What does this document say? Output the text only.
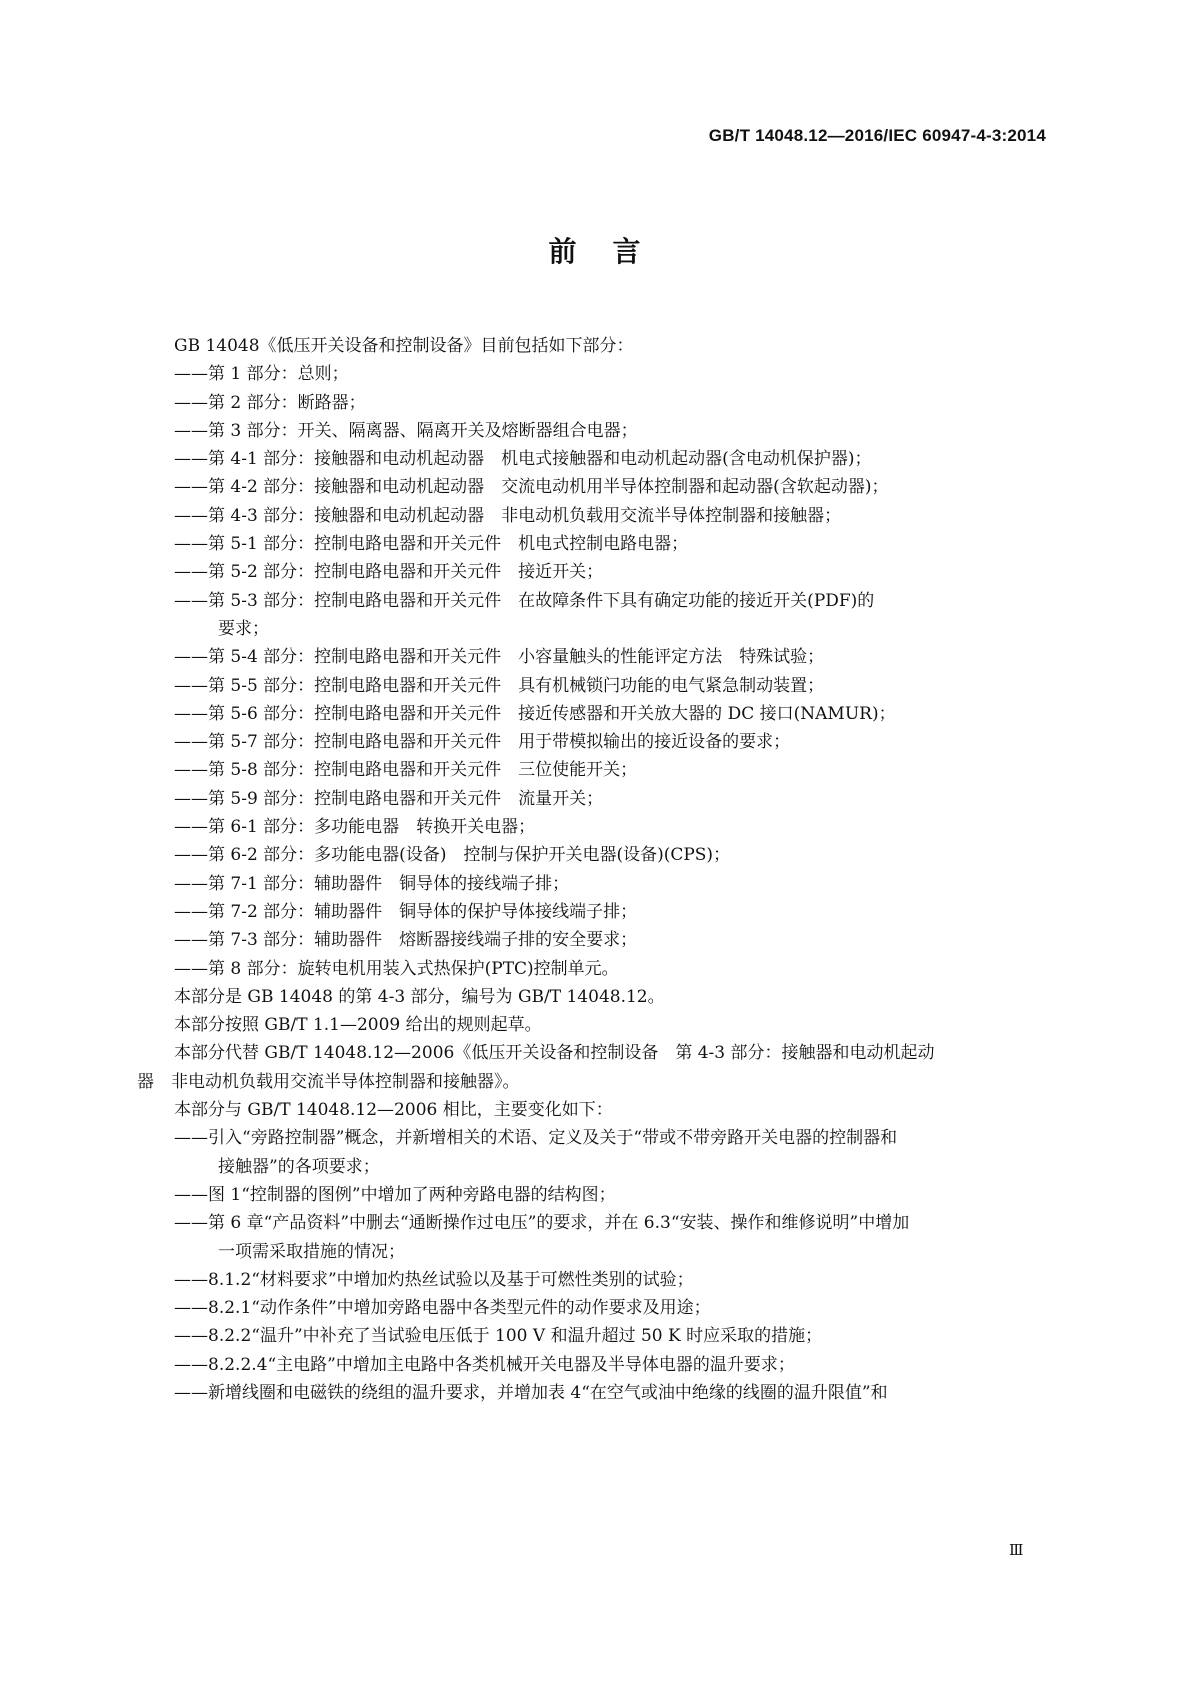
GB/T 14048.12—2016/IEC 60947-4-3:2014
前 言
GB 14048《低压开关设备和控制设备》目前包括如下部分：
——第 1 部分：总则；
——第 2 部分：断路器；
——第 3 部分：开关、隔离器、隔离开关及熔断器组合电器；
——第 4-1 部分：接触器和电动机起动器　机电式接触器和电动机起动器(含电动机保护器)；
——第 4-2 部分：接触器和电动机起动器　交流电动机用半导体控制器和起动器(含软起动器)；
——第 4-3 部分：接触器和电动机起动器　非电动机负载用交流半导体控制器和接触器；
——第 5-1 部分：控制电路电器和开关元件　机电式控制电路电器；
——第 5-2 部分：控制电路电器和开关元件　接近开关；
——第 5-3 部分：控制电路电器和开关元件　在故障条件下具有确定功能的接近开关(PDF)的
要求；
——第 5-4 部分：控制电路电器和开关元件　小容量触头的性能评定方法　特殊试验；
——第 5-5 部分：控制电路电器和开关元件　具有机械锁闩功能的电气紧急制动装置；
——第 5-6 部分：控制电路电器和开关元件　接近传感器和开关放大器的 DC 接口(NAMUR)；
——第 5-7 部分：控制电路电器和开关元件　用于带模拟输出的接近设备的要求；
——第 5-8 部分：控制电路电器和开关元件　三位使能开关；
——第 5-9 部分：控制电路电器和开关元件　流量开关；
——第 6-1 部分：多功能电器　转换开关电器；
——第 6-2 部分：多功能电器(设备)　控制与保护开关电器(设备)(CPS)；
——第 7-1 部分：辅助器件　铜导体的接线端子排；
——第 7-2 部分：辅助器件　铜导体的保护导体接线端子排；
——第 7-3 部分：辅助器件　熔断器接线端子排的安全要求；
——第 8 部分：旋转电机用装入式热保护(PTC)控制单元。
本部分是 GB 14048 的第 4-3 部分，编号为 GB/T 14048.12。
本部分按照 GB/T 1.1—2009 给出的规则起草。
本部分代替 GB/T 14048.12—2006《低压开关设备和控制设备　第 4-3 部分：接触器和电动机起动
器　非电动机负载用交流半导体控制器和接触器》。
本部分与 GB/T 14048.12—2006 相比，主要变化如下：
——引入“旁路控制器”概念，并新增相关的术语、定义及关于“带或不带旁路开关电器的控制器和
接触器”的各项要求；
——图 1“控制器的图例”中增加了两种旁路电器的结构图；
——第 6 章“产品资料”中删去“通断操作过电压”的要求，并在 6.3“安装、操作和维修说明”中增加
一项需采取措施的情况；
——8.1.2“材料要求”中增加灼热丝试验以及基于可燃性类别的试验；
——8.2.1“动作条件”中增加旁路电器中各类型元件的动作要求及用途；
——8.2.2“温升”中补充了当试验电压低于 100 V 和温升超过 50 K 时应采取的措施；
——8.2.2.4“主电路”中增加主电路中各类机械开关电器及半导体电器的温升要求；
——新增线圈和电磁铁的绕组的温升要求，并增加表 4“在空气或油中绝缘的线圈的温升限值”和
Ⅲ
